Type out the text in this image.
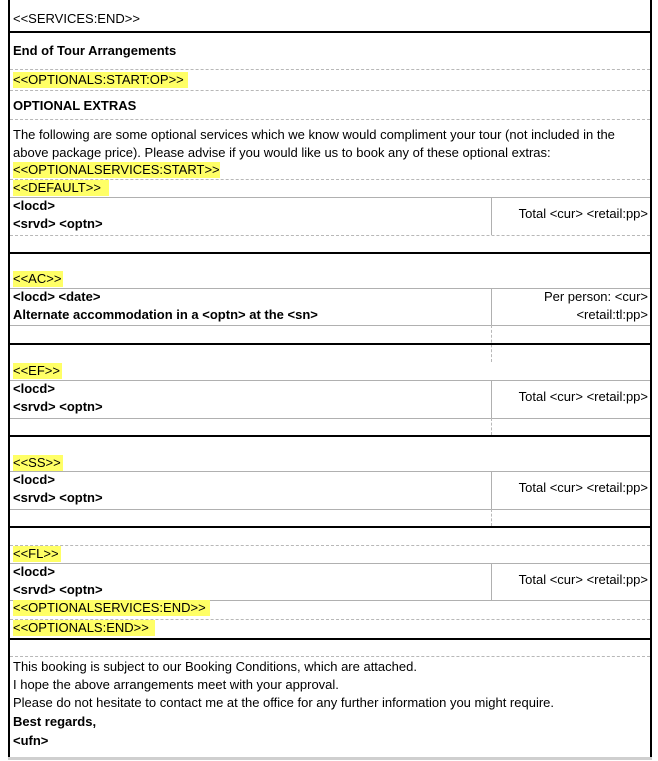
<<SERVICES:END>>
End of Tour Arrangements
<<OPTIONALS:START:OP>>
OPTIONAL EXTRAS
The following are some optional services which we know would compliment your tour (not included in the
above package price). Please advise if you would like us to book any of these optional extras:
<<OPTIONALSERVICES:START>>
<<DEFAULT>>
<locd>
<srvd> <optn>
Total <cur> <retail:pp>
<<AC>>
<locd> <date>
Alternate accommodation in a <optn> at the <sn>
Per person: <cur>
<retail:tl:pp>
<<EF>>
<locd>
<srvd> <optn>
Total <cur> <retail:pp>
<<SS>>
<locd>
<srvd> <optn>
Total <cur> <retail:pp>
<<FL>>
<locd>
<srvd> <optn>
Total <cur> <retail:pp>
<<OPTIONALSERVICES:END>>
<<OPTIONALS:END>>
This booking is subject to our Booking Conditions, which are attached.
I hope the above arrangements meet with your approval.
Please do not hesitate to contact me at the office for any further information you might require.
Best regards,
<ufn>
